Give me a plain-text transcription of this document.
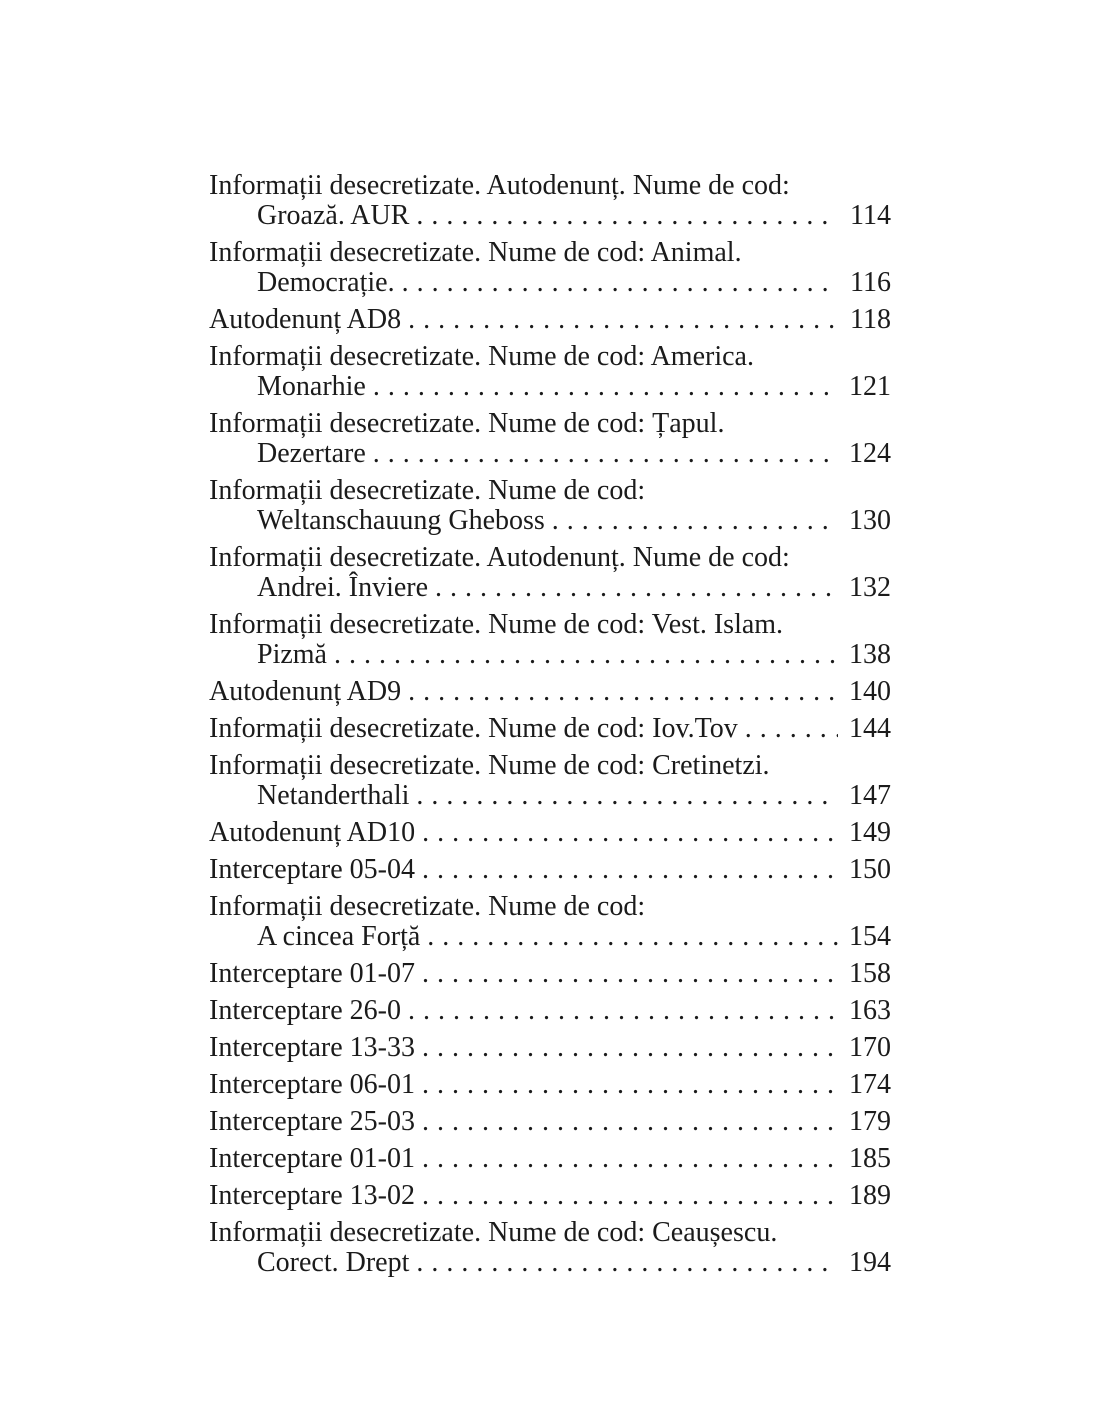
Informații desecretizate. Autodenunț. Nume de cod:
Groază. AUR . . .	114
Informații desecretizate. Nume de cod: Animal.
Democrație. . . .	116
Autodenunț AD8 . . .	118
Informații desecretizate. Nume de cod: America.
Monarhie . . .	121
Informații desecretizate. Nume de cod: Țapul.
Dezertare . . .	124
Informații desecretizate. Nume de cod:
Weltanschauung Gheboss . . .	130
Informații desecretizate. Autodenunț. Nume de cod:
Andrei. Înviere . . .	132
Informații desecretizate. Nume de cod: Vest. Islam.
Pizmă . . .	138
Autodenunț AD9 . . .	140
Informații desecretizate. Nume de cod: Iov.Tov . . .	144
Informații desecretizate. Nume de cod: Cretinetzi.
Netanderthali . . .	147
Autodenunț AD10 . . .	149
Interceptare 05-04 . . .	150
Informații desecretizate. Nume de cod:
A cincea Forță . . .	154
Interceptare 01-07 . . .	158
Interceptare 26-0 . . .	163
Interceptare 13-33 . . .	170
Interceptare 06-01 . . .	174
Interceptare 25-03 . . .	179
Interceptare 01-01 . . .	185
Interceptare 13-02 . . .	189
Informații desecretizate. Nume de cod: Ceaușescu.
Corect. Drept . . .	194
